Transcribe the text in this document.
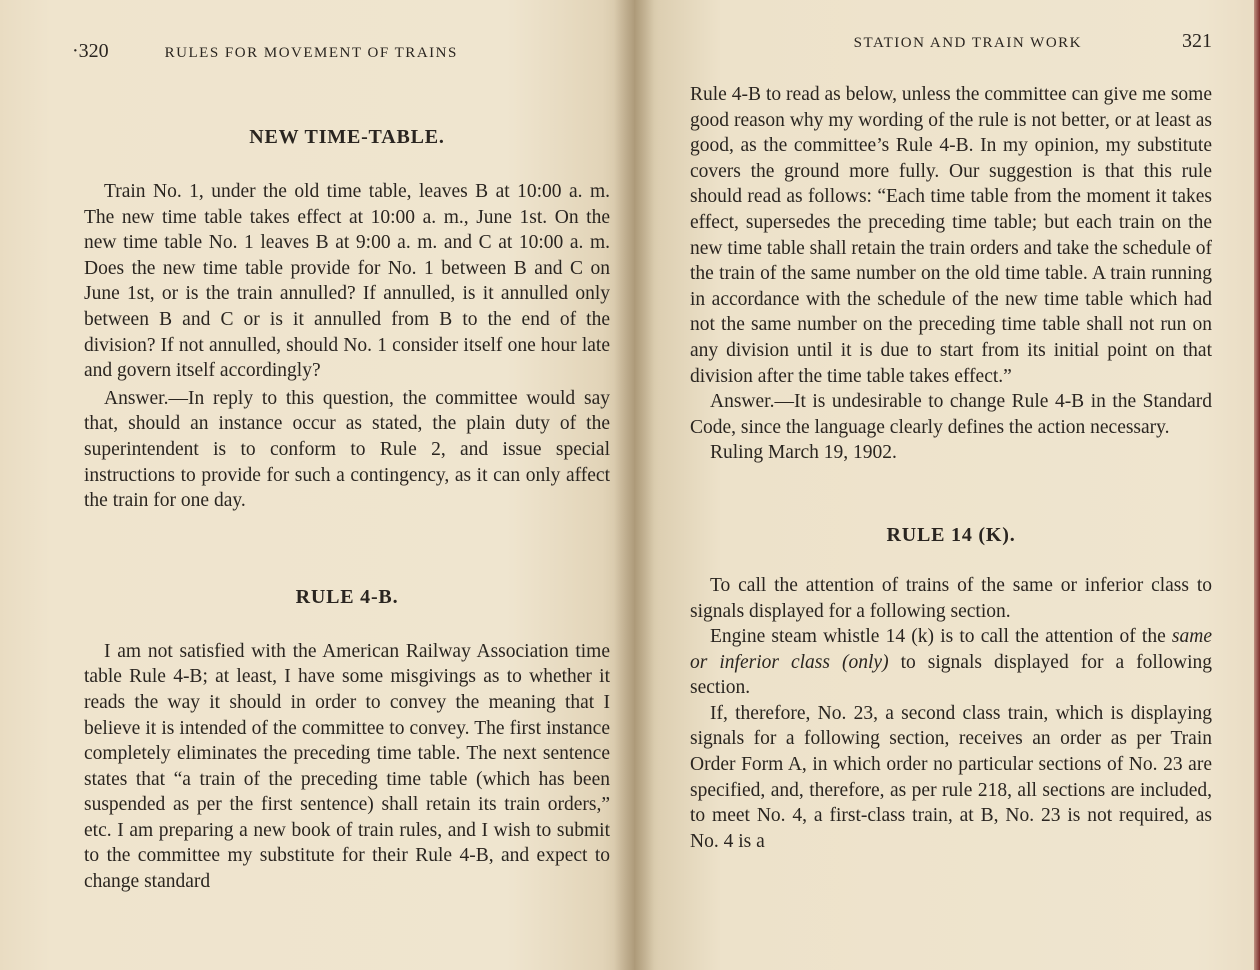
·320	RULES FOR MOVEMENT OF TRAINS
NEW TIME-TABLE.

Train No. 1, under the old time table, leaves B at 10:00 a. m. The new time table takes effect at 10:00 a. m., June 1st. On the new time table No. 1 leaves B at 9:00 a. m. and C at 10:00 a. m. Does the new time table provide for No. 1 between B and C on June 1st, or is the train annulled? If annulled, is it annulled only between B and C or is it annulled from B to the end of the division? If not annulled, should No. 1 consider itself one hour late and govern itself accordingly?

Answer.—In reply to this question, the committee would say that, should an instance occur as stated, the plain duty of the superintendent is to conform to Rule 2, and issue special instructions to provide for such a contingency, as it can only affect the train for one day.

RULE 4-B.

I am not satisfied with the American Railway Association time table Rule 4-B; at least, I have some misgivings as to whether it reads the way it should in order to convey the meaning that I believe it is intended of the committee to convey. The first instance completely eliminates the preceding time table. The next sentence states that “a train of the preceding time table (which has been suspended as per the first sentence) shall retain its train orders,” etc. I am preparing a new book of train rules, and I wish to submit to the committee my substitute for their Rule 4-B, and expect to change standard

STATION AND TRAIN WORK	321

Rule 4-B to read as below, unless the committee can give me some good reason why my wording of the rule is not better, or at least as good, as the committee’s Rule 4-B. In my opinion, my substitute covers the ground more fully. Our suggestion is that this rule should read as follows: “Each time table from the moment it takes effect, supersedes the preceding time table; but each train on the new time table shall retain the train orders and take the schedule of the train of the same number on the old time table. A train running in accordance with the schedule of the new time table which had not the same number on the preceding time table shall not run on any division until it is due to start from its initial point on that division after the time table takes effect.”

Answer.—It is undesirable to change Rule 4-B in the Standard Code, since the language clearly defines the action necessary.

Ruling March 19, 1902.

RULE 14 (K).

To call the attention of trains of the same or inferior class to signals displayed for a following section.

Engine steam whistle 14 (k) is to call the attention of the same or inferior class (only) to signals displayed for a following section.

If, therefore, No. 23, a second class train, which is displaying signals for a following section, receives an order as per Train Order Form A, in which order no particular sections of No. 23 are specified, and, therefore, as per rule 218, all sections are included, to meet No. 4, a first-class train, at B, No. 23 is not required, as No. 4 is a
